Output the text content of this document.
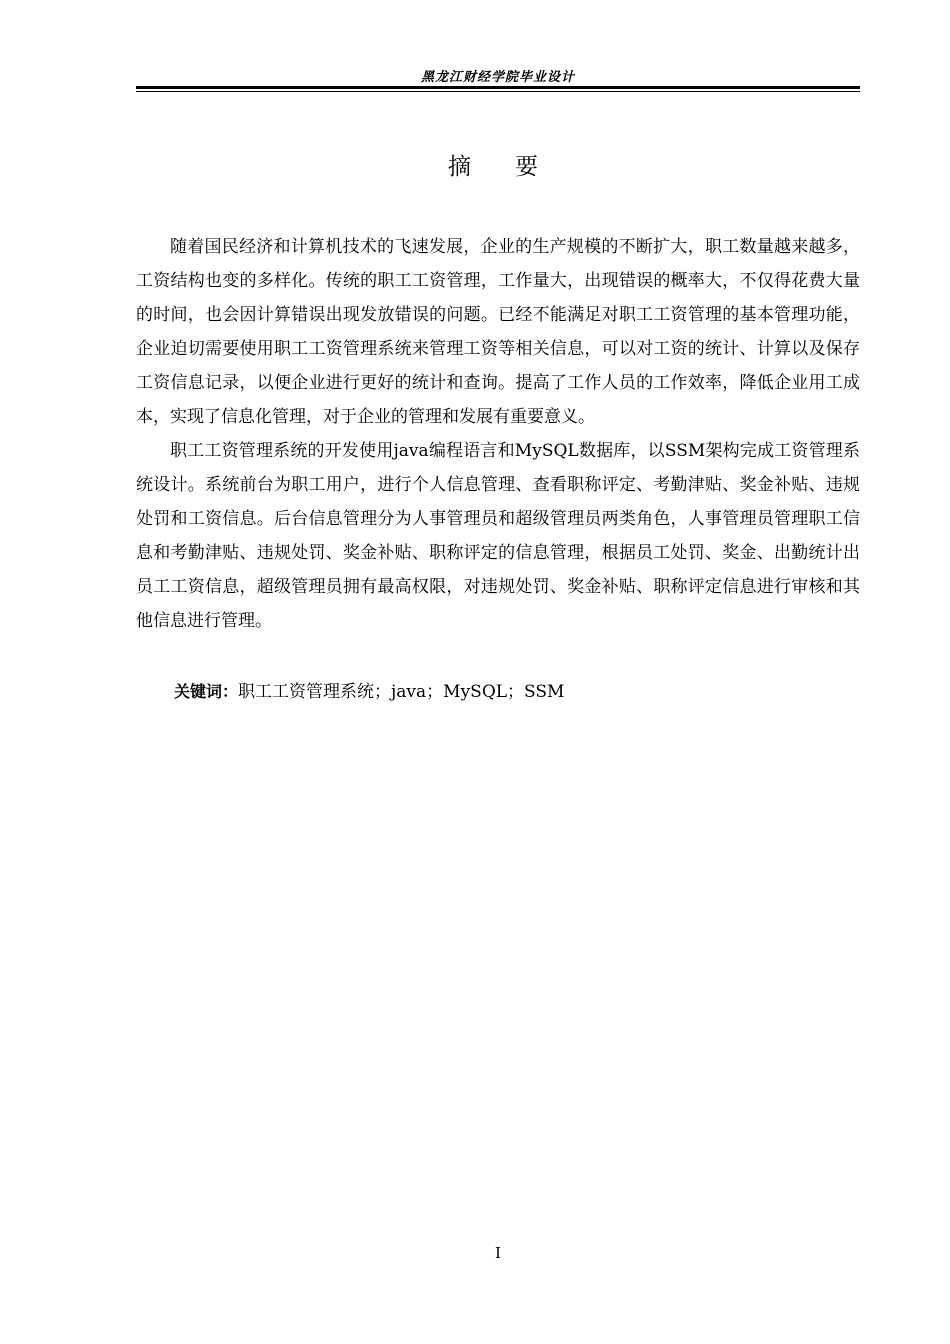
黑龙江财经学院毕业设计
摘 要

随着国民经济和计算机技术的飞速发展，企业的生产规模的不断扩大，职工数量越来越多，工资结构也变的多样化。传统的职工工资管理，工作量大，出现错误的概率大，不仅得花费大量的时间，也会因计算错误出现发放错误的问题。已经不能满足对职工工资管理的基本管理功能，企业迫切需要使用职工工资管理系统来管理工资等相关信息，可以对工资的统计、计算以及保存工资信息记录，以便企业进行更好的统计和查询。提高了工作人员的工作效率，降低企业用工成本，实现了信息化管理，对于企业的管理和发展有重要意义。

职工工资管理系统的开发使用java编程语言和MySQL数据库，以SSM架构完成工资管理系统设计。系统前台为职工用户，进行个人信息管理、查看职称评定、考勤津贴、奖金补贴、违规处罚和工资信息。后台信息管理分为人事管理员和超级管理员两类角色，人事管理员管理职工信息和考勤津贴、违规处罚、奖金补贴、职称评定的信息管理，根据员工处罚、奖金、出勤统计出员工工资信息，超级管理员拥有最高权限，对违规处罚、奖金补贴、职称评定信息进行审核和其他信息进行管理。

关键词：职工工资管理系统；java；MySQL；SSM
I
